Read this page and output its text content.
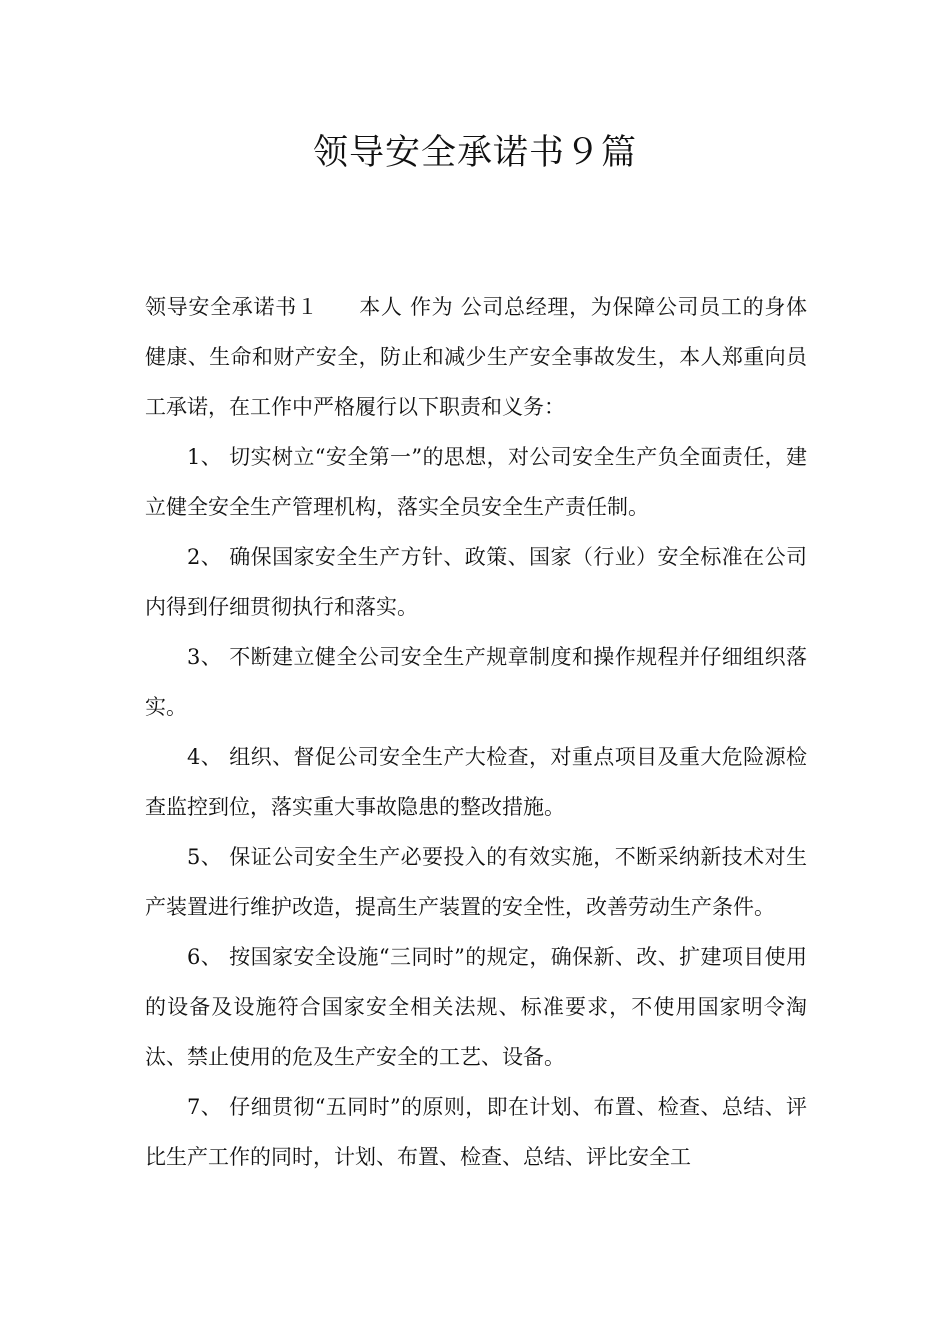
领导安全承诺书９篇

领导安全承诺书１ 本人 作为 公司总经理，为保障公司员工的身体健康、生命和财产安全，防止和减少生产安全事故发生，本人郑重向员工承诺，在工作中严格履行以下职责和义务：

1、 切实树立“安全第一”的思想，对公司安全生产负全面责任，建立健全安全生产管理机构，落实全员安全生产责任制。

2、 确保国家安全生产方针、政策、国家（行业）安全标准在公司内得到仔细贯彻执行和落实。

3、 不断建立健全公司安全生产规章制度和操作规程并仔细组织落实。

4、 组织、督促公司安全生产大检查，对重点项目及重大危险源检查监控到位，落实重大事故隐患的整改措施。

5、 保证公司安全生产必要投入的有效实施，不断采纳新技术对生产装置进行维护改造，提高生产装置的安全性，改善劳动生产条件。

6、 按国家安全设施“三同时”的规定，确保新、改、扩建项目使用的设备及设施符合国家安全相关法规、标准要求，不使用国家明令淘汰、禁止使用的危及生产安全的工艺、设备。

7、 仔细贯彻“五同时”的原则，即在计划、布置、检查、总结、评比生产工作的同时，计划、布置、检查、总结、评比安全工
